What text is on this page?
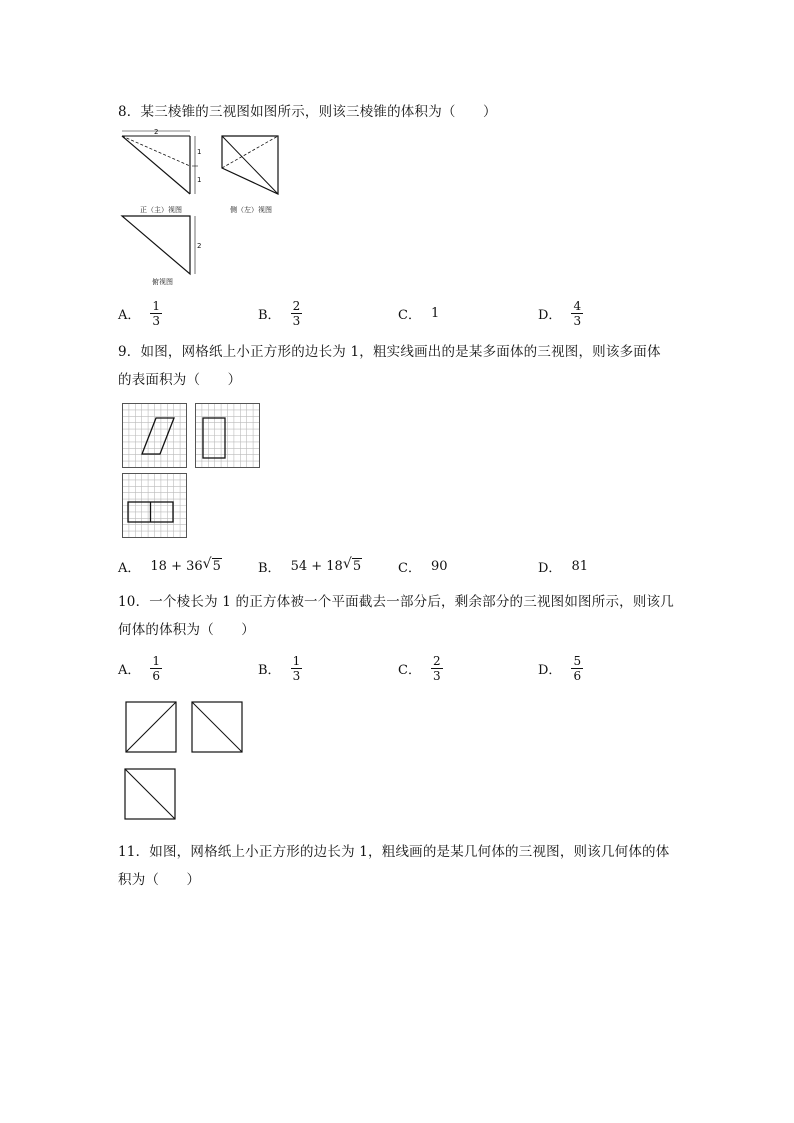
8．某三棱锥的三视图如图所示，则该三棱锥的体积为（　　）
2
1
1
正（主）视图	侧（左）视图
2
俯视图
A． $\frac{1}{3}$	B． $\frac{2}{3}$	C． 1	D． $\frac{4}{3}$
9．如图，网格纸上小正方形的边长为 1，粗实线画出的是某多面体的三视图，则该多面体
的表面积为（　　）
A． 18 + 36 √ 5	B． 54 + 18 √ 5	C． 90	D． 81
10．一个棱长为 1 的正方体被一个平面截去一部分后，剩余部分的三视图如图所示，则该几
何体的体积为（　　）
A． $\frac{1}{6}$	B． $\frac{1}{3}$	C． $\frac{2}{3}$	D． $\frac{5}{6}$
11．如图，网格纸上小正方形的边长为 1，粗线画的是某几何体的三视图，则该几何体的体
积为（　　）
